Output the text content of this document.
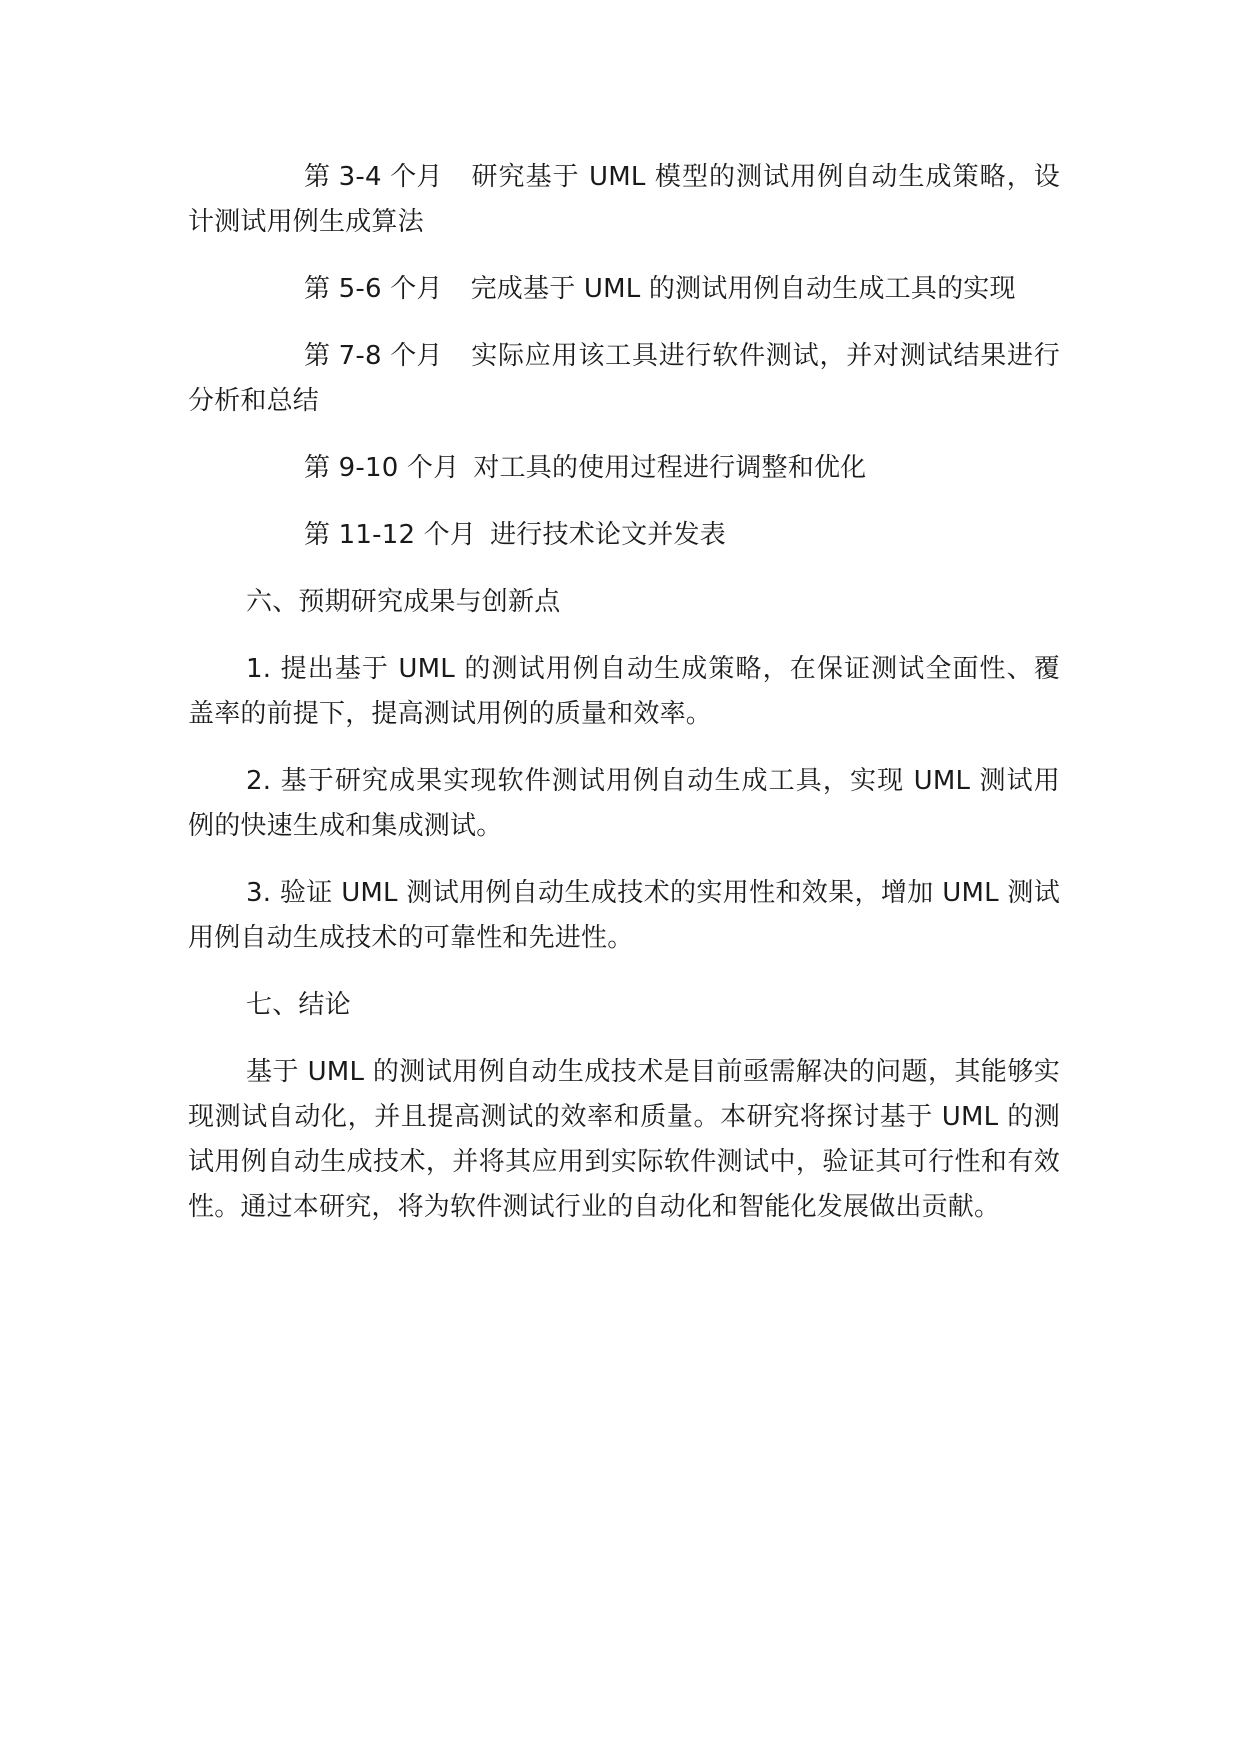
第 3-4 个月 研究基于 UML 模型的测试用例自动生成策略，设计测试用例生成算法

第 5-6 个月 完成基于 UML 的测试用例自动生成工具的实现

第 7-8 个月 实际应用该工具进行软件测试，并对测试结果进行分析和总结

第 9-10 个月 对工具的使用过程进行调整和优化

第 11-12 个月 进行技术论文并发表

六、预期研究成果与创新点

1. 提出基于 UML 的测试用例自动生成策略，在保证测试全面性、覆盖率的前提下，提高测试用例的质量和效率。

2. 基于研究成果实现软件测试用例自动生成工具，实现 UML 测试用例的快速生成和集成测试。

3. 验证 UML 测试用例自动生成技术的实用性和效果，增加 UML 测试用例自动生成技术的可靠性和先进性。

七、结论

基于 UML 的测试用例自动生成技术是目前亟需解决的问题，其能够实现测试自动化，并且提高测试的效率和质量。本研究将探讨基于 UML 的测试用例自动生成技术，并将其应用到实际软件测试中，验证其可行性和有效性。通过本研究，将为软件测试行业的自动化和智能化发展做出贡献。
